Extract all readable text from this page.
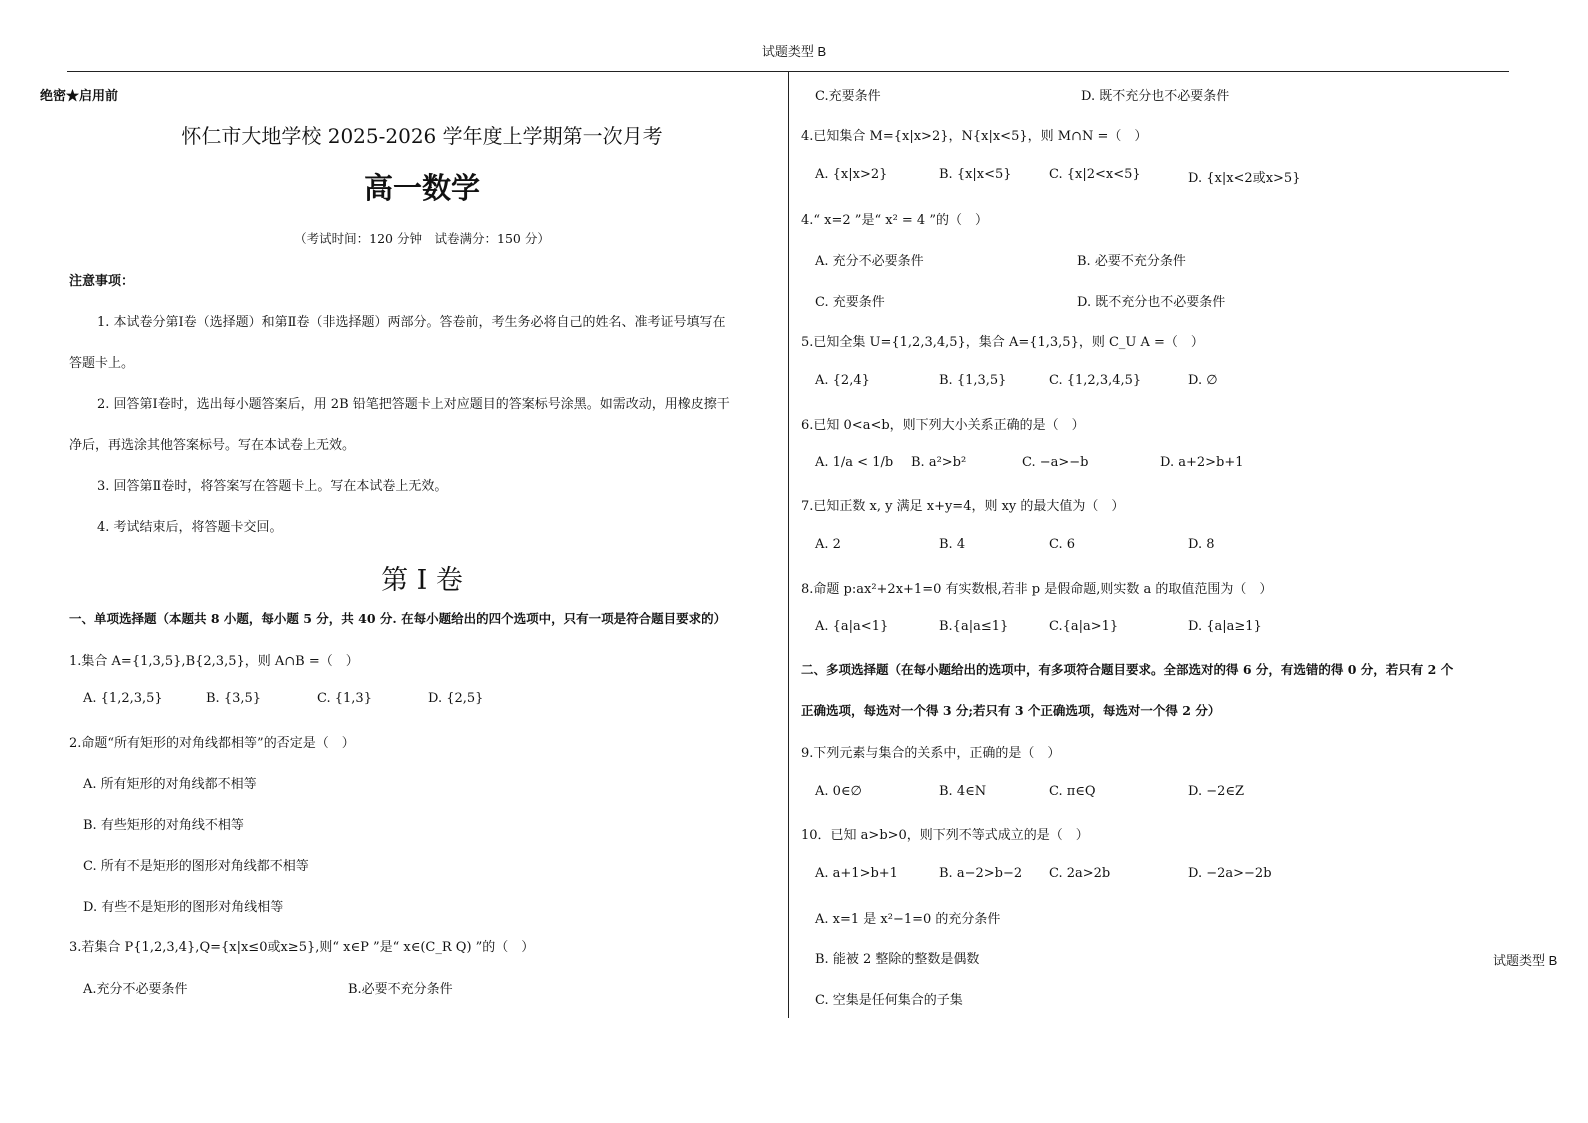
试题类型 B
绝密★启用前
怀仁市大地学校 2025-2026 学年度上学期第一次月考
高一数学
（考试时间：120 分钟　试卷满分：150 分）
注意事项：
1. 本试卷分第Ⅰ卷（选择题）和第Ⅱ卷（非选择题）两部分。答卷前，考生务必将自己的姓名、准考证号填写在
答题卡上。
2. 回答第Ⅰ卷时，选出每小题答案后，用 2B 铅笔把答题卡上对应题目的答案标号涂黑。如需改动，用橡皮擦干
净后，再选涂其他答案标号。写在本试卷上无效。
3. 回答第Ⅱ卷时，将答案写在答题卡上。写在本试卷上无效。
4. 考试结束后，将答题卡交回。
第 I 卷
一、单项选择题（本题共 8 小题，每小题 5 分，共 40 分. 在每小题给出的四个选项中，只有一项是符合题目要求的）
1.集合 A={1,3,5},B{2,3,5}，则 A∩B =（　）
A. {1,2,3,5}	B. {3,5}	C. {1,3}	D. {2,5}
2.命题“所有矩形的对角线都相等”的否定是（　）
A. 所有矩形的对角线都不相等
B. 有些矩形的对角线不相等
C. 所有不是矩形的图形对角线都不相等
D. 有些不是矩形的图形对角线相等
3.若集合 P{1,2,3,4},Q={x|x≤0或x≥5},则“ x∈P ”是“ x∈(C_R Q) ”的（　）
A.充分不必要条件	B.必要不充分条件
C.充要条件	D. 既不充分也不必要条件
4.已知集合 M={x|x>2}，N{x|x<5}，则 M∩N =（　）
A. {x|x>2}	B. {x|x<5}	C. {x|2<x<5}	D. {x|x<2或x>5}
4.“ x=2 ”是“ x² = 4 ”的（　）
A. 充分不必要条件	B. 必要不充分条件
C. 充要条件	D. 既不充分也不必要条件
5.已知全集 U={1,2,3,4,5}，集合 A={1,3,5}，则 C_U A =（　）
A. {2,4}	B. {1,3,5}	C. {1,2,3,4,5}	D. ∅
6.已知 0<a<b，则下列大小关系正确的是（　）
A. 1/a < 1/b B. a²>b²	C. −a>−b	D. a+2>b+1
7.已知正数 x, y 满足 x+y=4，则 xy 的最大值为（　）
A. 2	B. 4	C. 6	D. 8
8.命题 p:ax²+2x+1=0 有实数根,若非 p 是假命题,则实数 a 的取值范围为（　）
A. {a|a<1}	B.{a|a≤1}	C.{a|a>1}	D. {a|a≥1}
二、多项选择题（在每小题给出的选项中，有多项符合题目要求。全部选对的得 6 分，有选错的得 0 分，若只有 2 个
正确选项，每选对一个得 3 分;若只有 3 个正确选项，每选对一个得 2 分）
9.下列元素与集合的关系中，正确的是（　）
A. 0∈∅	B. 4∈N	C. π∈Q	D. −2∈Z
10．已知 a>b>0，则下列不等式成立的是（　）
A. a+1>b+1	B. a−2>b−2 C. 2a>2b	D. −2a>−2b
A. x=1 是 x²−1=0 的充分条件
B. 能被 2 整除的整数是偶数
C. 空集是任何集合的子集
试题类型 B
